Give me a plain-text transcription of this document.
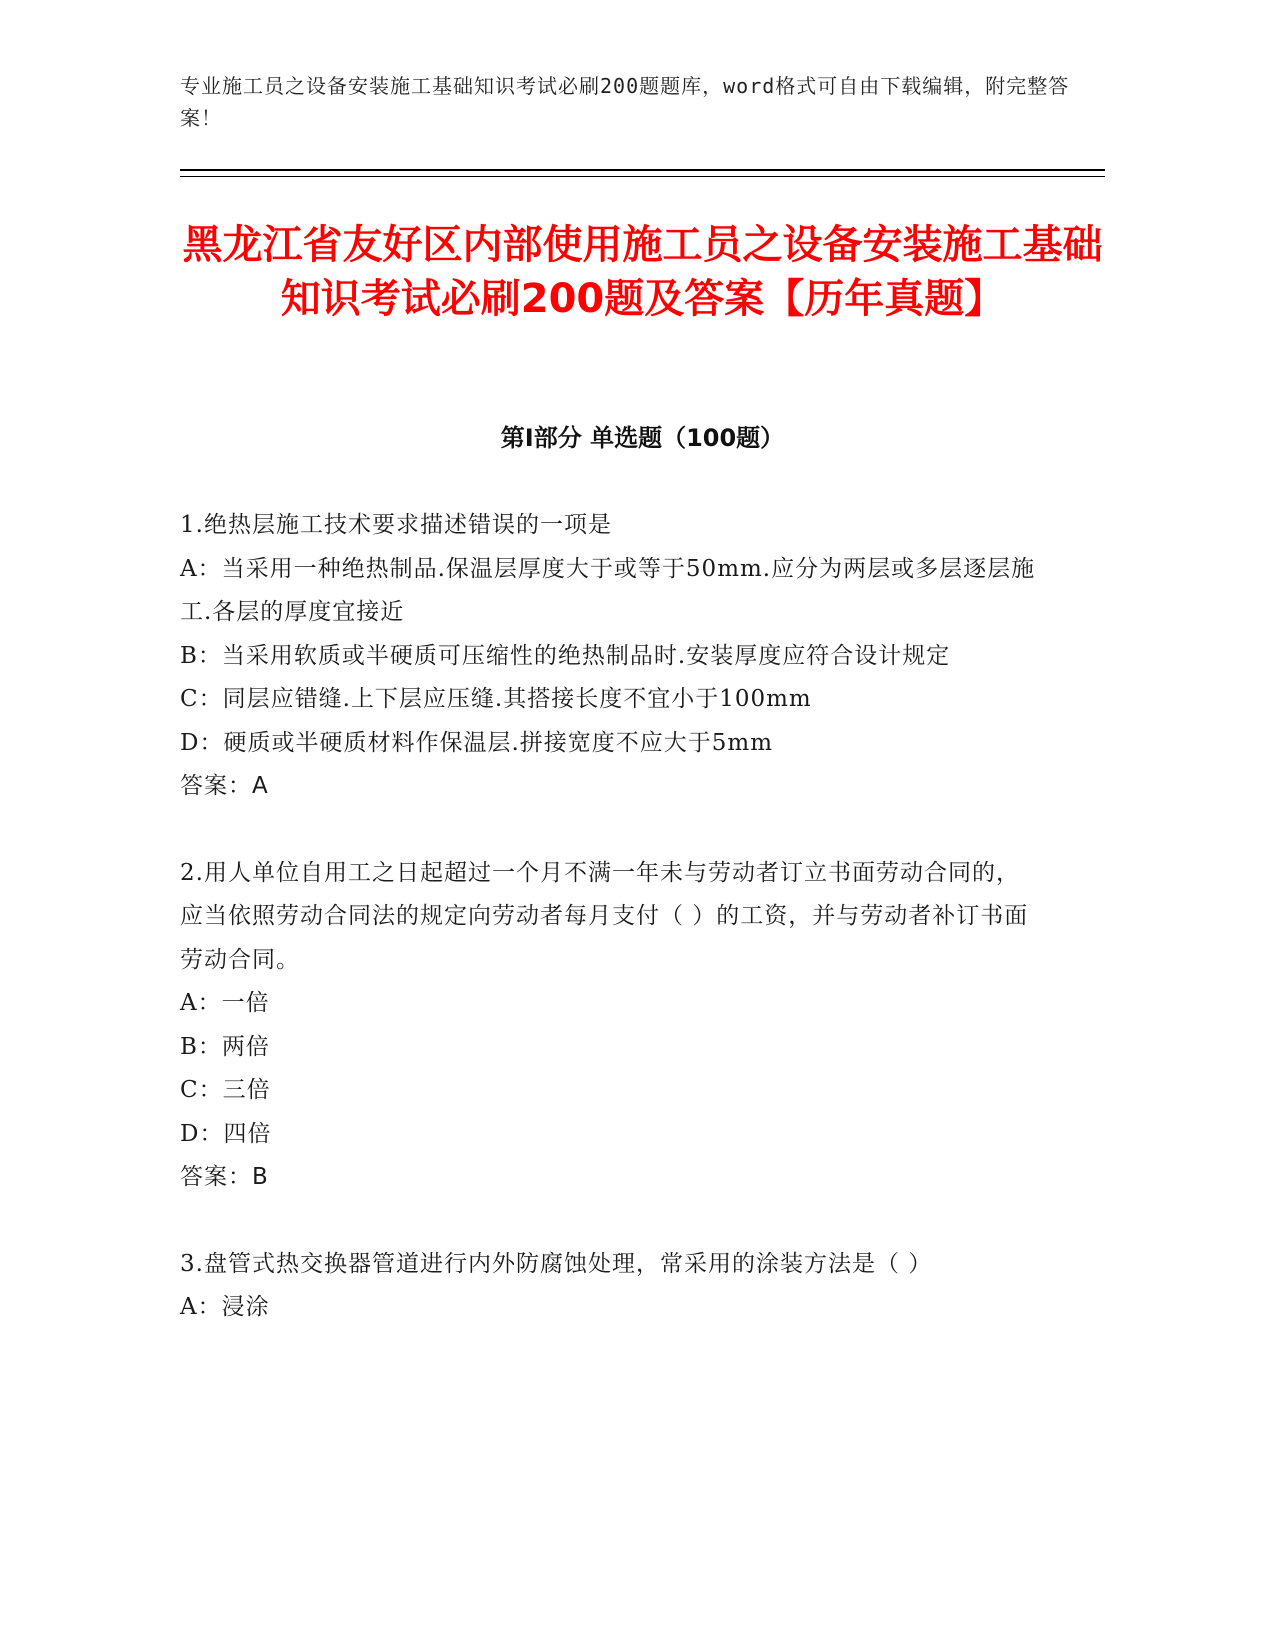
专业施工员之设备安装施工基础知识考试必刷200题题库，word格式可自由下载编辑，附完整答案！
黑龙江省友好区内部使用施工员之设备安装施工基础知识考试必刷200题及答案【历年真题】
第Ⅰ部分 单选题（100题）

1.绝热层施工技术要求描述错误的一项是

A：当采用一种绝热制品.保温层厚度大于或等于50mm.应分为两层或多层逐层施工.各层的厚度宜接近

B：当采用软质或半硬质可压缩性的绝热制品时.安装厚度应符合设计规定

C：同层应错缝.上下层应压缝.其搭接长度不宜小于100mm

D：硬质或半硬质材料作保温层.拼接宽度不应大于5mm

答案：A

2.用人单位自用工之日起超过一个月不满一年未与劳动者订立书面劳动合同的，应当依照劳动合同法的规定向劳动者每月支付（ ）的工资，并与劳动者补订书面劳动合同。

A：一倍

B：两倍

C：三倍

D：四倍

答案：B

3.盘管式热交换器管道进行内外防腐蚀处理，常采用的涂装方法是（ ）

A：浸涂
